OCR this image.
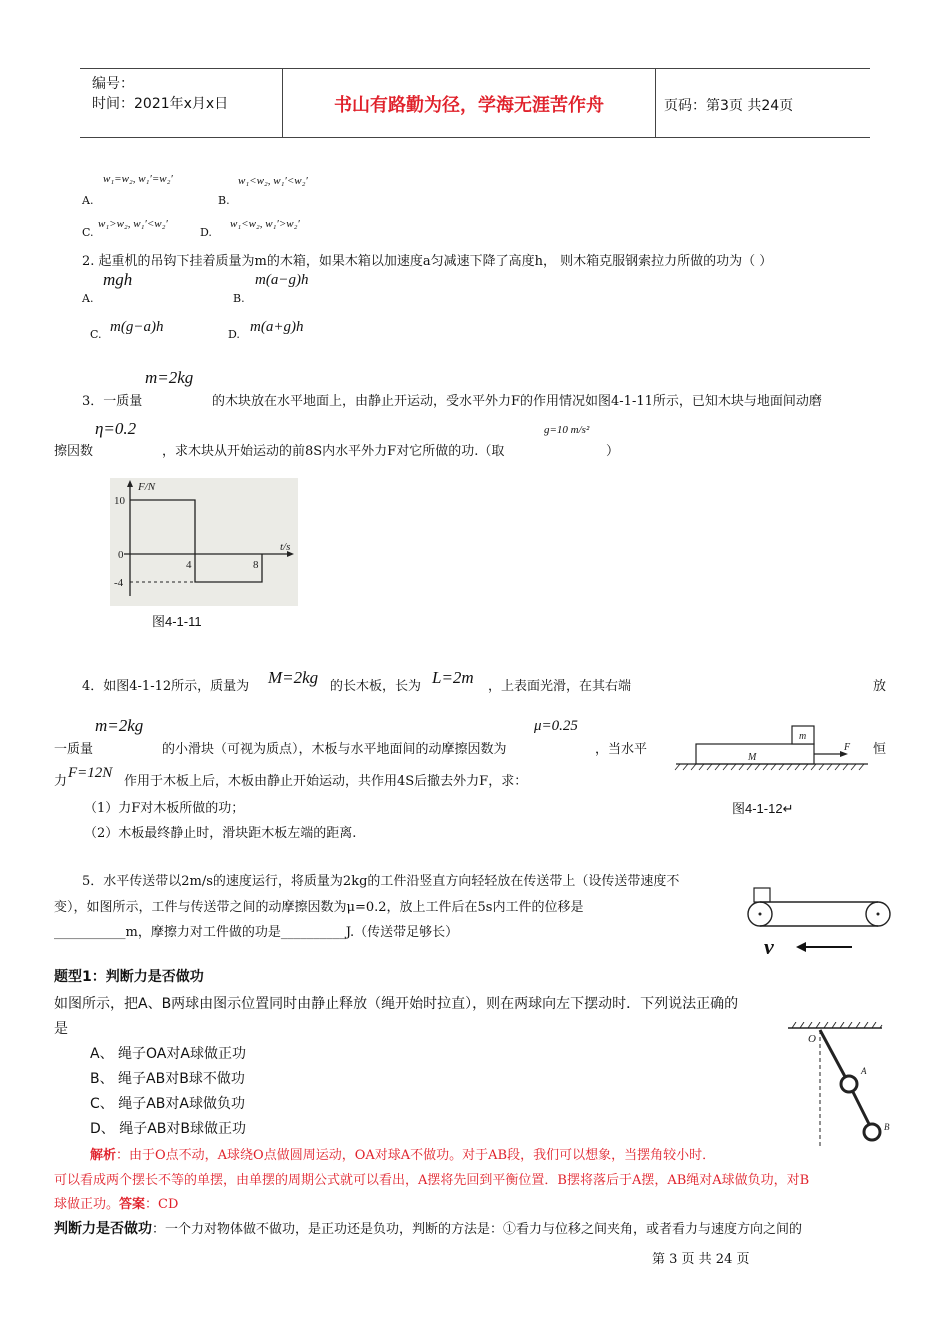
编号：
时间：2021年x月x日	书山有路勤为径，学海无涯苦作舟	页码：第3页 共24页
w₁=w₂, w₁′=w₂′
A.	B.
w₁<w₂, w₁′<w₂′
C.
w₁>w₂, w₁′<w₂′
D.
w₁<w₂, w₁′>w₂′
2. 起重机的吊钩下挂着质量为m的木箱，如果木箱以加速度a匀减速下降了高度h， 则木箱克服钢索拉力所做的功为（ ）
mgh
A.
m(a−g)h
B.
C. m(g−a)h	D. m(a+g)h
m=2kg
3．一质量	的木块放在水平地面上，由静止开运动，受水平外力F的作用情况如图4-1-11所示，已知木块与地面间动磨
η=0.2
擦因数	，求木块从开始运动的前8S内水平外力F对它所做的功.（取
g=10 m/s²
）
F/N
t/s
10
0
-4
4	8
图4-1-11
4．如图4-1-12所示，质量为 M=2kg 的长木板，长为 L=2m ，上表面光滑，在其右端	放
m=2kg	μ=0.25
一质量	的小滑块（可视为质点），木板与水平地面间的动摩擦因数为	，当水平	恒
力
F=12N
作用于木板上后，木板由静止开始运动，共作用4S后撤去外力F，求：
（1）力F对木板所做的功；
（2）木板最终静止时，滑块距木板左端的距离.
m
M
F
图4-1-12↵
5．水平传送带以2m/s的速度运行，将质量为2kg的工件沿竖直方向轻轻放在传送带上（设传送带速度不
变），如图所示，工件与传送带之间的动摩擦因数为μ=0.2，放上工件后在5s内工件的位移是
___________m，摩擦力对工件做的功是__________J.（传送带足够长）
v
题型1：判断力是否做功
如图所示，把A、B两球由图示位置同时由静止释放（绳开始时拉直），则在两球向左下摆动时．下列说法正确的
是
A、 绳子OA对A球做正功
B、 绳子AB对B球不做功
C、 绳子AB对A球做负功
D、 绳子AB对B球做正功
O
A
B
解析：由于O点不动，A球绕O点做圆周运动，OA对球A不做功。对于AB段，我们可以想象，当摆角较小时．
可以看成两个摆长不等的单摆，由单摆的周期公式就可以看出，A摆将先回到平衡位置．B摆将落后于A摆，AB绳对A球做负功，对B
球做正功。答案：CD
判断力是否做功：一个力对物体做不做功，是正功还是负功，判断的方法是：①看力与位移之间夹角，或者看力与速度方向之间的
第 3 页 共 24 页
